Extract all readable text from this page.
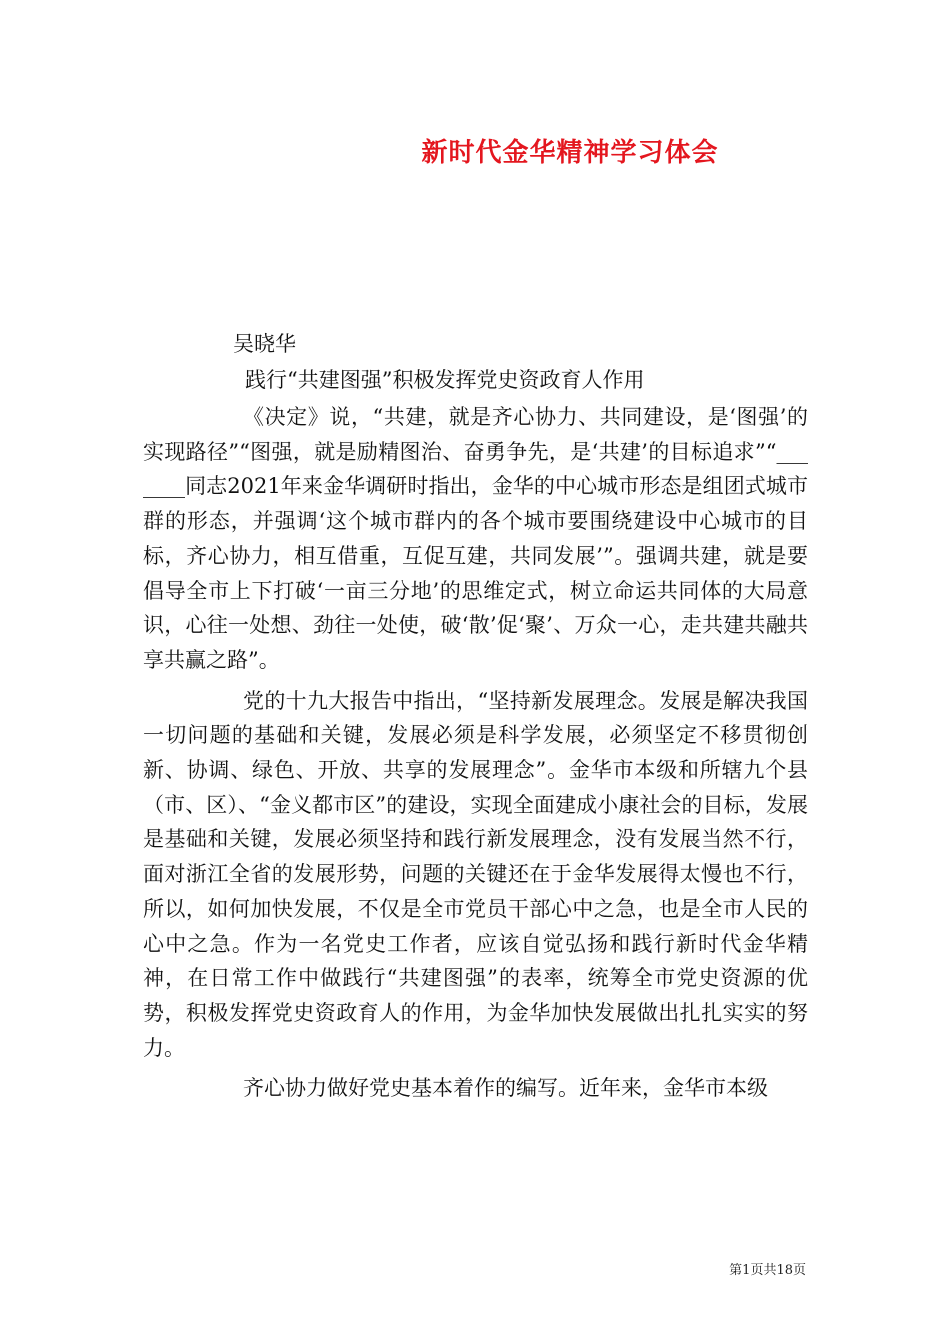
新时代金华精神学习体会
吴晓华
践行“共建图强”积极发挥党史资政育人作用

《决定》说，“共建，就是齐心协力、共同建设，是‘图强’的实现路径”“图强，就是励精图治、奋勇争先，是‘共建’的目标追求”“_______同志2021年来金华调研时指出，金华的中心城市形态是组团式城市群的形态，并强调‘这个城市群内的各个城市要围绕建设中心城市的目标，齐心协力，相互借重，互促互建，共同发展’”。强调共建，就是要倡导全市上下打破‘一亩三分地’的思维定式，树立命运共同体的大局意识，心往一处想、劲往一处使，破‘散’促‘聚’、万众一心，走共建共融共享共赢之路”。

党的十九大报告中指出，“坚持新发展理念。发展是解决我国一切问题的基础和关键，发展必须是科学发展，必须坚定不移贯彻创新、协调、绿色、开放、共享的发展理念”。金华市本级和所辖九个县（市、区）、“金义都市区”的建设，实现全面建成小康社会的目标，发展是基础和关键，发展必须坚持和践行新发展理念，没有发展当然不行，面对浙江全省的发展形势，问题的关键还在于金华发展得太慢也不行，所以，如何加快发展，不仅是全市党员干部心中之急，也是全市人民的心中之急。作为一名党史工作者，应该自觉弘扬和践行新时代金华精神，在日常工作中做践行“共建图强”的表率，统筹全市党史资源的优势，积极发挥党史资政育人的作用，为金华加快发展做出扎扎实实的努力。

齐心协力做好党史基本着作的编写。近年来，金华市本级

第1页共18页
